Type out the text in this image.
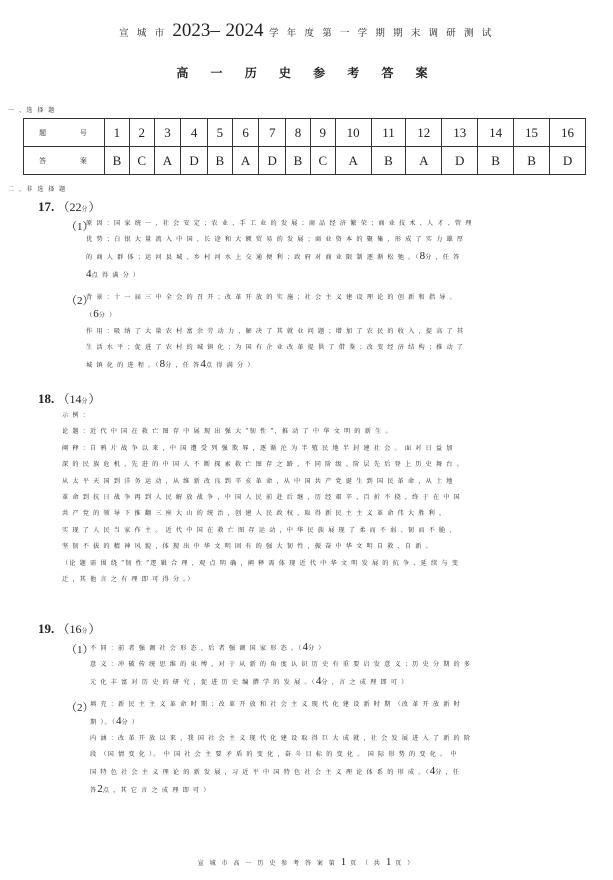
宣 城 市 2023– 2024 学 年 度 第 一 学 期 期 末 调 研 测 试
高 一 历 史 参 考 答 案
一 、选 择 题
题 号	1	2	3	4	5	6	7	8	9	10	11	12	13	14	15	16
答 案	B	C	A	D	B	A	D	B	C	A	B	A	D	B	B	D
二 、非 选 择 题
17. （22分）
（1）
原 因 ：国 家 统 一 ，社 会 安 定 ；农 业 、手 工 业 的 发 展 ；商 品 经 济 繁 荣 ；商 业 技 术 、人 才 、管 理
优 势 ；白 银 大 量 流 入 中 国 ，长 途 和 大 额 贸 易 的 发 展 ；商 业 资 本 的 聚 集 ，形 成 了 实 力 雄 厚
的 商 人 群 体 ；运 河 县 城 、乡 村 河 水 上 交 通 便 利 ；政 府 对 商 业 限 制 逐 渐 松 弛 。（8分 ，任 答
4点 得 满 分 ）
（2）
背 景 ：十 一 届 三 中 全 会 的 召 开 ；改 革 开 放 的 实 施 ；社 会 主 义 建 设 理 论 的 创 新 和 指 导 。
（6分 ）
作 用 ：吸 纳 了 大 量 农 村 富 余 劳 动 力 ，解 决 了 其 就 业 问 题 ；增 加 了 农 民 的 收 入 ，提 高 了 其
生 活 水 平 ；促 进 了 农 村 的 城 镇 化 ；为 国 有 企 业 改 革 提 供 了 借 鉴 ；改 变 经 济 结 构 ；推 动 了
城 镇 化 的 进 程 。（8分 ，任 答4点 得 满 分 ）
18. （14分）
示 例 ：
论 题 ：近 代 中 国 在 救 亡 图 存 中 展 现 出 强 大 “韧 性 ”，推 动 了 中 华 文 明 的 新 生 。
阐 释 ：自 鸦 片 战 争 以 来 ，中 国 遭 受 列 强 欺 辱 ，逐 渐 沦 为 半 殖 民 地 半 封 建 社 会 。 面 对 日 益 加
深 的 民 族 危 机 ，先 进 的 中 国 人 不 断 探 索 救 亡 图 存 之 路 ，不 同 阶 级 、阶 层 先 后 登 上 历 史 舞 台 。
从 太 平 天 国 到 洋 务 运 动 ，从 维 新 改 良 到 辛 亥 革 命 ，从 中 国 共 产 党 诞 生 到 国 民 革 命 ，从 土 地
革 命 到 抗 日 战 争 再 到 人 民 解 放 战 争 ，中 国 人 民 前 赴 后 继 ，历 经 艰 辛 ，百 折 不 挠 ，终 于 在 中 国
共 产 党 的 领 导 下 推 翻 三 座 大 山 的 统 治 ，创 建 人 民 政 权 ，取 得 新 民 主 主 义 革 命 伟 大 胜 利 ，
实 现 了 人 民 当 家 作 主 。 近 代 中 国 在 救 亡 图 存 运 动 ，中 华 民 族 展 现 了 柔 而 不 弱 、韧 而 不 脆 、
坚 韧 不 拔 的 精 神 风 貌 ，体 现 出 中 华 文 明 固 有 的 强 大 韧 性 ，振 奋 中 华 文 明 自 救 、自 新 。
（论 题 需 围 绕 “韧 性 ”逻 辑 合 理 ，观 点 明 确 ，阐 释 需 体 现 近 代 中 华 文 明 发 展 的 抗 争 、延 续 与 变
迁 ，其 他 言 之 有 理 即 可 得 分 。）
19. （16分）
（1）
不 同 ：前 者 强 调 社 会 形 态 ，后 者 强 调 国 家 形 态 。（4分 ）
意 义 ：冲 破 传 统 思 维 的 束 缚 ，对 于 从 新 的 角 度 认 识 历 史 有 重 要 启 发 意 义 ；历 史 分 期 的 多
元 化 丰 富 对 历 史 的 研 究 ，促 进 历 史 编 撰 学 的 发 展 。（4分 ，言 之 成 理 即 可 ）
（2）
填 充 ：新 民 主 主 义 革 命 时 期 ；改 革 开 放 和 社 会 主 义 现 代 化 建 设 新 时 期 （改 革 开 放 新 时
期 ）。（4分 ）
内 涵 ：改 革 开 放 以 来 ，我 国 社 会 主 义 现 代 化 建 设 取 得 巨 大 成 就 ，社 会 发 展 进 入 了 新 的 阶
段 （国 情 变 化 ）。 中 国 社 会 主 要 矛 盾 的 变 化 ，奋 斗 目 标 的 变 化 。 国 际 形 势 的 变 化 。 中
国 特 色 社 会 主 义 理 论 的 新 发 展 ，习 近 平 中 国 特 色 社 会 主 义 理 论 体 系 的 形 成 。（4分 ，任
答2点 ，其 它 言 之 成 理 即 可 ）
宣 城 市 高 一 历 史 参 考 答 案 第 1 页 （ 共 1 页 ）
